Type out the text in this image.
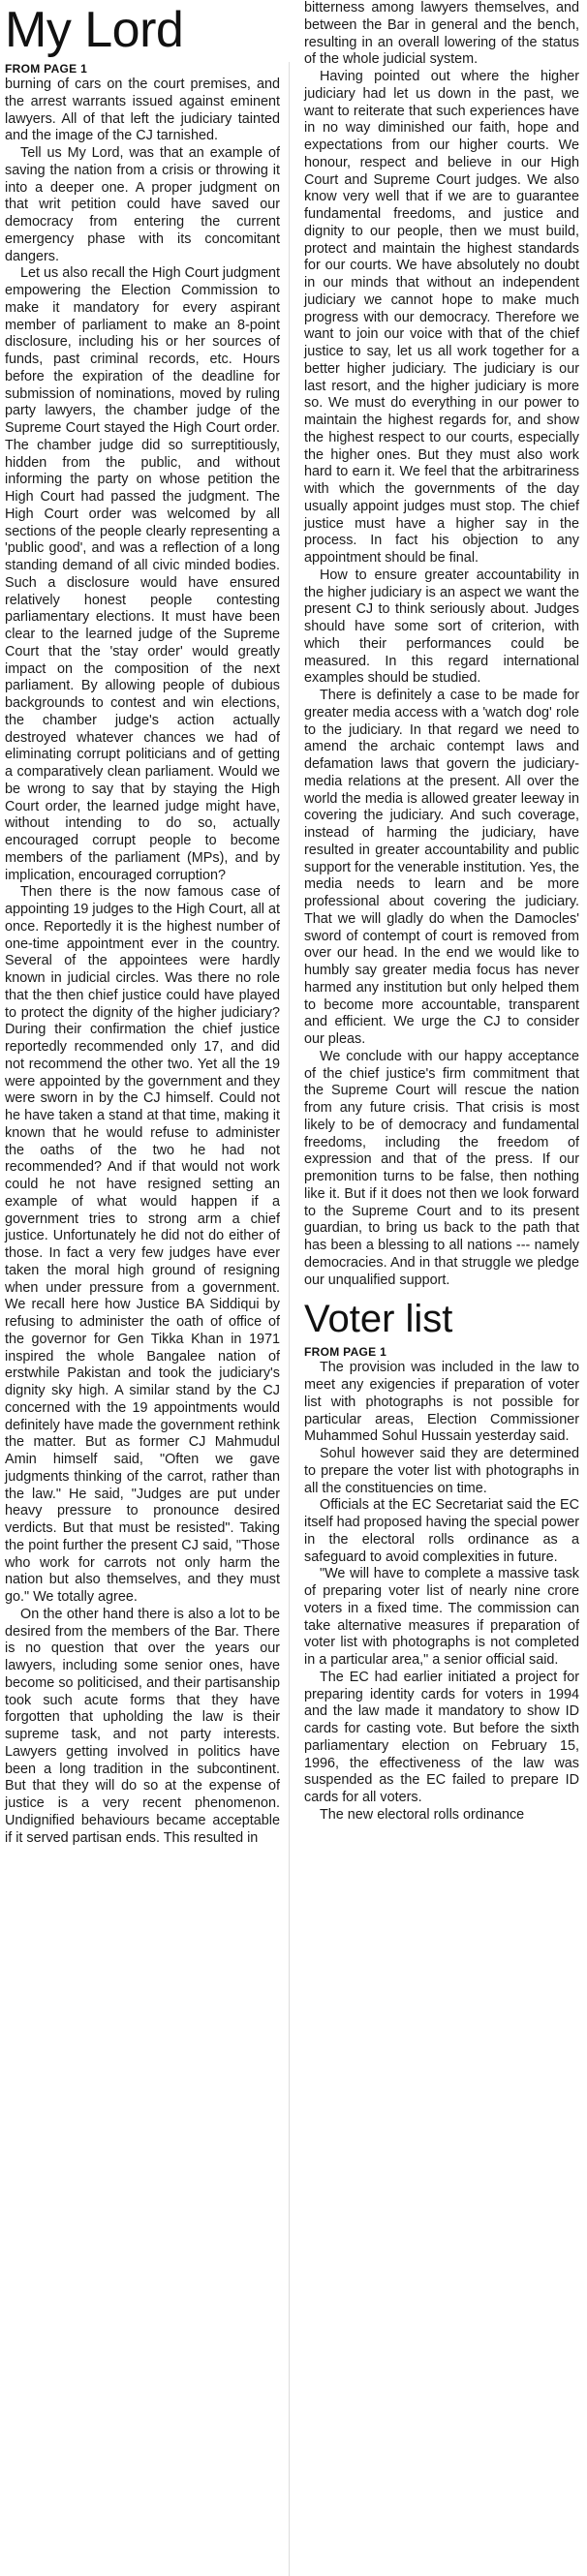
My Lord

FROM PAGE 1

burning of cars on the court premises, and the arrest warrants issued against eminent lawyers. All of that left the judiciary tainted and the image of the CJ tarnished.

Tell us My Lord, was that an example of saving the nation from a crisis or throwing it into a deeper one. A proper judgment on that writ petition could have saved our democracy from entering the current emergency phase with its concomitant dangers.

Let us also recall the High Court judgment empowering the Election Commission to make it mandatory for every aspirant member of parliament to make an 8-point disclosure, including his or her sources of funds, past criminal records, etc. Hours before the expiration of the deadline for submission of nominations, moved by ruling party lawyers, the chamber judge of the Supreme Court stayed the High Court order. The chamber judge did so surreptitiously, hidden from the public, and without informing the party on whose petition the High Court had passed the judgment. The High Court order was welcomed by all sections of the people clearly representing a 'public good', and was a reflection of a long standing demand of all civic minded bodies. Such a disclosure would have ensured relatively honest people contesting parliamentary elections. It must have been clear to the learned judge of the Supreme Court that the 'stay order' would greatly impact on the composition of the next parliament. By allowing people of dubious backgrounds to contest and win elections, the chamber judge's action actually destroyed whatever chances we had of eliminating corrupt politicians and of getting a comparatively clean parliament. Would we be wrong to say that by staying the High Court order, the learned judge might have, without intending to do so, actually encouraged corrupt people to become members of the parliament (MPs), and by implication, encouraged corruption?

Then there is the now famous case of appointing 19 judges to the High Court, all at once. Reportedly it is the highest number of one-time appointment ever in the country. Several of the appointees were hardly known in judicial circles. Was there no role that the then chief justice could have played to protect the dignity of the higher judiciary? During their confirmation the chief justice reportedly recommended only 17, and did not recommend the other two. Yet all the 19 were appointed by the government and they were sworn in by the CJ himself. Could not he have taken a stand at that time, making it known that he would refuse to administer the oaths of the two he had not recommended? And if that would not work could he not have resigned setting an example of what would happen if a government tries to strong arm a chief justice. Unfortunately he did not do either of those. In fact a very few judges have ever taken the moral high ground of resigning when under pressure from a government. We recall here how Justice BA Siddiqui by refusing to administer the oath of office of the governor for Gen Tikka Khan in 1971 inspired the whole Bangalee nation of erstwhile Pakistan and took the judiciary's dignity sky high. A similar stand by the CJ concerned with the 19 appointments would definitely have made the government rethink the matter. But as former CJ Mahmudul Amin himself said, "Often we gave judgments thinking of the carrot, rather than the law." He said, "Judges are put under heavy pressure to pronounce desired verdicts. But that must be resisted". Taking the point further the present CJ said, "Those who work for carrots not only harm the nation but also themselves, and they must go." We totally agree.

On the other hand there is also a lot to be desired from the members of the Bar. There is no question that over the years our lawyers, including some senior ones, have become so politicised, and their partisanship took such acute forms that they have forgotten that upholding the law is their supreme task, and not party interests. Lawyers getting involved in politics have been a long tradition in the subcontinent. But that they will do so at the expense of justice is a very recent phenomenon. Undignified behaviours became acceptable if it served partisan ends. This resulted in

bitterness among lawyers themselves, and between the Bar in general and the bench, resulting in an overall lowering of the status of the whole judicial system.

Having pointed out where the higher judiciary had let us down in the past, we want to reiterate that such experiences have in no way diminished our faith, hope and expectations from our higher courts. We honour, respect and believe in our High Court and Supreme Court judges. We also know very well that if we are to guarantee fundamental freedoms, and justice and dignity to our people, then we must build, protect and maintain the highest standards for our courts. We have absolutely no doubt in our minds that without an independent judiciary we cannot hope to make much progress with our democracy. Therefore we want to join our voice with that of the chief justice to say, let us all work together for a better higher judiciary. The judiciary is our last resort, and the higher judiciary is more so. We must do everything in our power to maintain the highest regards for, and show the highest respect to our courts, especially the higher ones. But they must also work hard to earn it. We feel that the arbitrariness with which the governments of the day usually appoint judges must stop. The chief justice must have a higher say in the process. In fact his objection to any appointment should be final.

How to ensure greater accountability in the higher judiciary is an aspect we want the present CJ to think seriously about. Judges should have some sort of criterion, with which their performances could be measured. In this regard international examples should be studied.

There is definitely a case to be made for greater media access with a 'watch dog' role to the judiciary. In that regard we need to amend the archaic contempt laws and defamation laws that govern the judiciary-media relations at the present. All over the world the media is allowed greater leeway in covering the judiciary. And such coverage, instead of harming the judiciary, have resulted in greater accountability and public support for the venerable institution. Yes, the media needs to learn and be more professional about covering the judiciary. That we will gladly do when the Damocles' sword of contempt of court is removed from over our head. In the end we would like to humbly say greater media focus has never harmed any institution but only helped them to become more accountable, transparent and efficient. We urge the CJ to consider our pleas.

We conclude with our happy acceptance of the chief justice's firm commitment that the Supreme Court will rescue the nation from any future crisis. That crisis is most likely to be of democracy and fundamental freedoms, including the freedom of expression and that of the press. If our premonition turns to be false, then nothing like it. But if it does not then we look forward to the Supreme Court and to its present guardian, to bring us back to the path that has been a blessing to all nations --- namely democracies. And in that struggle we pledge our unqualified support.

Voter list

FROM PAGE 1

The provision was included in the law to meet any exigencies if preparation of voter list with photographs is not possible for particular areas, Election Commissioner Muhammed Sohul Hussain yesterday said.

Sohul however said they are determined to prepare the voter list with photographs in all the constituencies on time.

Officials at the EC Secretariat said the EC itself had proposed having the special power in the electoral rolls ordinance as a safeguard to avoid complexities in future.

"We will have to complete a massive task of preparing voter list of nearly nine crore voters in a fixed time. The commission can take alternative measures if preparation of voter list with photographs is not completed in a particular area," a senior official said.

The EC had earlier initiated a project for preparing identity cards for voters in 1994 and the law made it mandatory to show ID cards for casting vote. But before the sixth parliamentary election on February 15, 1996, the effectiveness of the law was suspended as the EC failed to prepare ID cards for all voters.

The new electoral rolls ordinance
